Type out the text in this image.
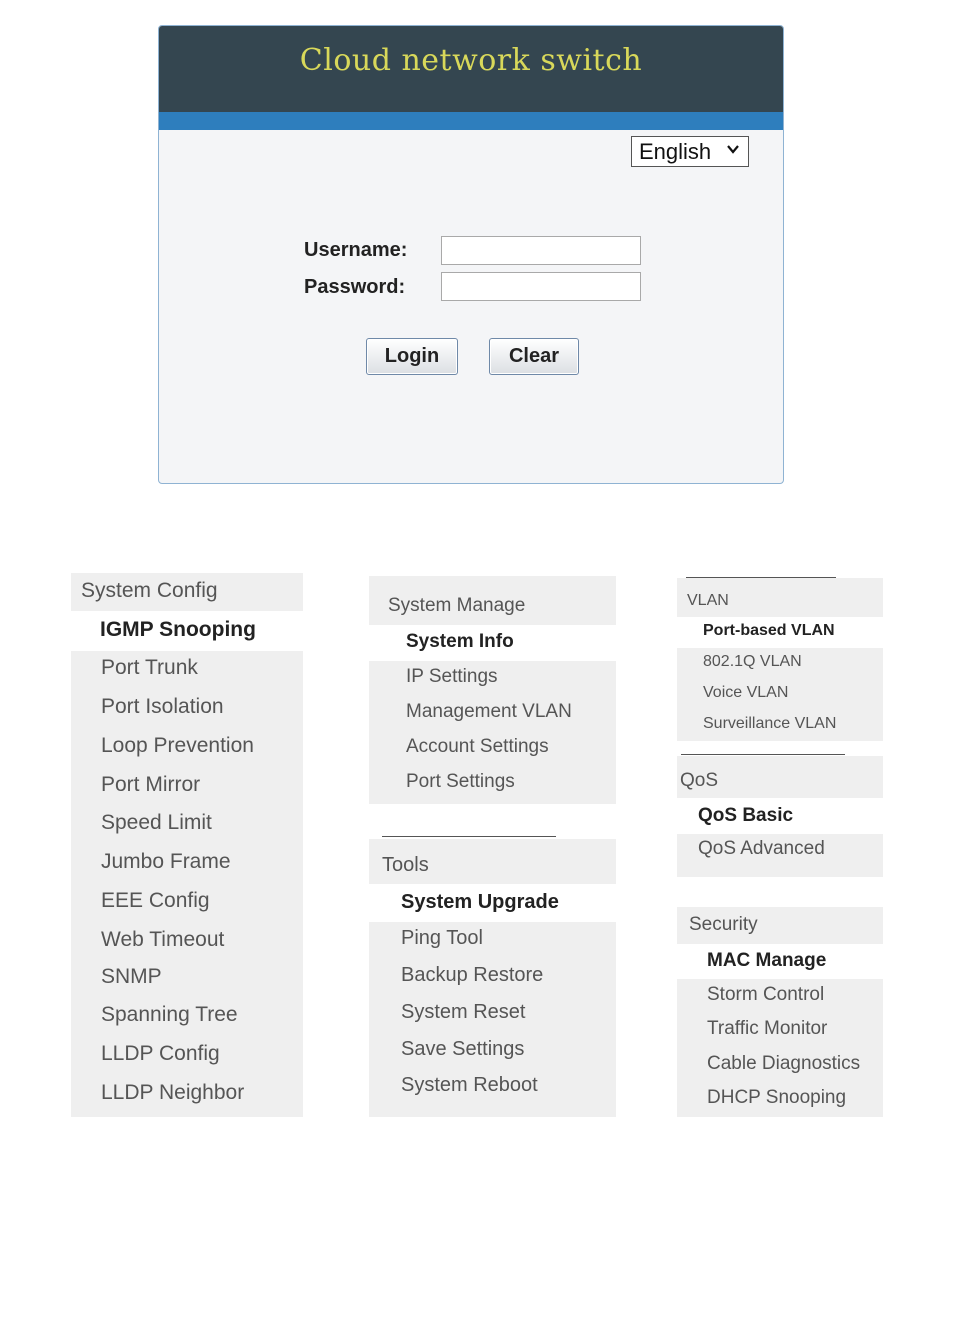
Cloud network switch
English
Username:
Password:
Login	Clear
System Config
IGMP Snooping
Port Trunk
Port Isolation
Loop Prevention
Port Mirror
Speed Limit
Jumbo Frame
EEE Config
Web Timeout
SNMP
Spanning Tree
LLDP Config
LLDP Neighbor
System Manage
System Info
IP Settings
Management VLAN
Account Settings
Port Settings
Tools
System Upgrade
Ping Tool
Backup Restore
System Reset
Save Settings
System Reboot
VLAN
Port-based VLAN
802.1Q VLAN
Voice VLAN
Surveillance VLAN
QoS
QoS Basic
QoS Advanced
Security
MAC Manage
Storm Control
Traffic Monitor
Cable Diagnostics
DHCP Snooping
